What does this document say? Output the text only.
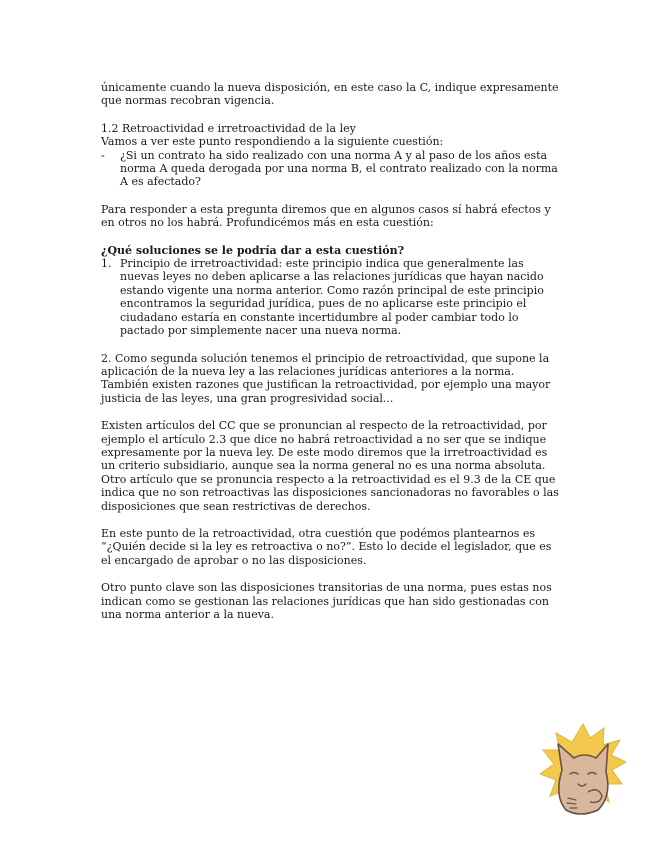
únicamente cuando la nueva disposición, en este caso la C, indique expresamente que normas recobran vigencia.

1.2 Retroactividad e irretroactividad de la ley

Vamos a ver este punto respondiendo a la siguiente cuestión:

- ¿Si un contrato ha sido realizado con una norma A y al paso de los años esta norma A queda derogada por una norma B, el contrato realizado con la norma A es afectado?

Para responder a esta pregunta diremos que en algunos casos sí habrá efectos y en otros no los habrá. Profundicémos más en esta cuestión:

¿Qué soluciones se le podría dar a esta cuestión?

1. Principio de irretroactividad: este principio indica que generalmente las nuevas leyes no deben aplicarse a las relaciones jurídicas que hayan nacido estando vigente una norma anterior. Como razón principal de este principio encontramos la seguridad jurídica, pues de no aplicarse este principio el ciudadano estaría en constante incertidumbre al poder cambiar todo lo pactado por simplemente nacer una nueva norma.

2. Como segunda solución tenemos el principio de retroactividad, que supone la aplicación de la nueva ley a las relaciones jurídicas anteriores a la norma. También existen razones que justifican la retroactividad, por ejemplo una mayor justicia de las leyes, una gran progresividad social...

Existen artículos del CC que se pronuncian al respecto de la retroactividad, por ejemplo el artículo 2.3 que dice no habrá retroactividad a no ser que se indique expresamente por la nueva ley. De este modo diremos que la irretroactividad es un criterio subsidiario, aunque sea la norma general no es una norma absoluta.

Otro artículo que se pronuncia respecto a la retroactividad es el 9.3 de la CE que indica que no son retroactivas las disposiciones sancionadoras no favorables o las disposiciones que sean restrictivas de derechos.

En este punto de la retroactividad, otra cuestión que podémos plantearnos es “¿Quién decide si la ley es retroactiva o no?”. Esto lo decide el legislador, que es el encargado de aprobar o no las disposiciones.

Otro punto clave son las disposiciones transitorias de una norma, pues estas nos indican como se gestionan las relaciones jurídicas que han sido gestionadas con una norma anterior a la nueva.
